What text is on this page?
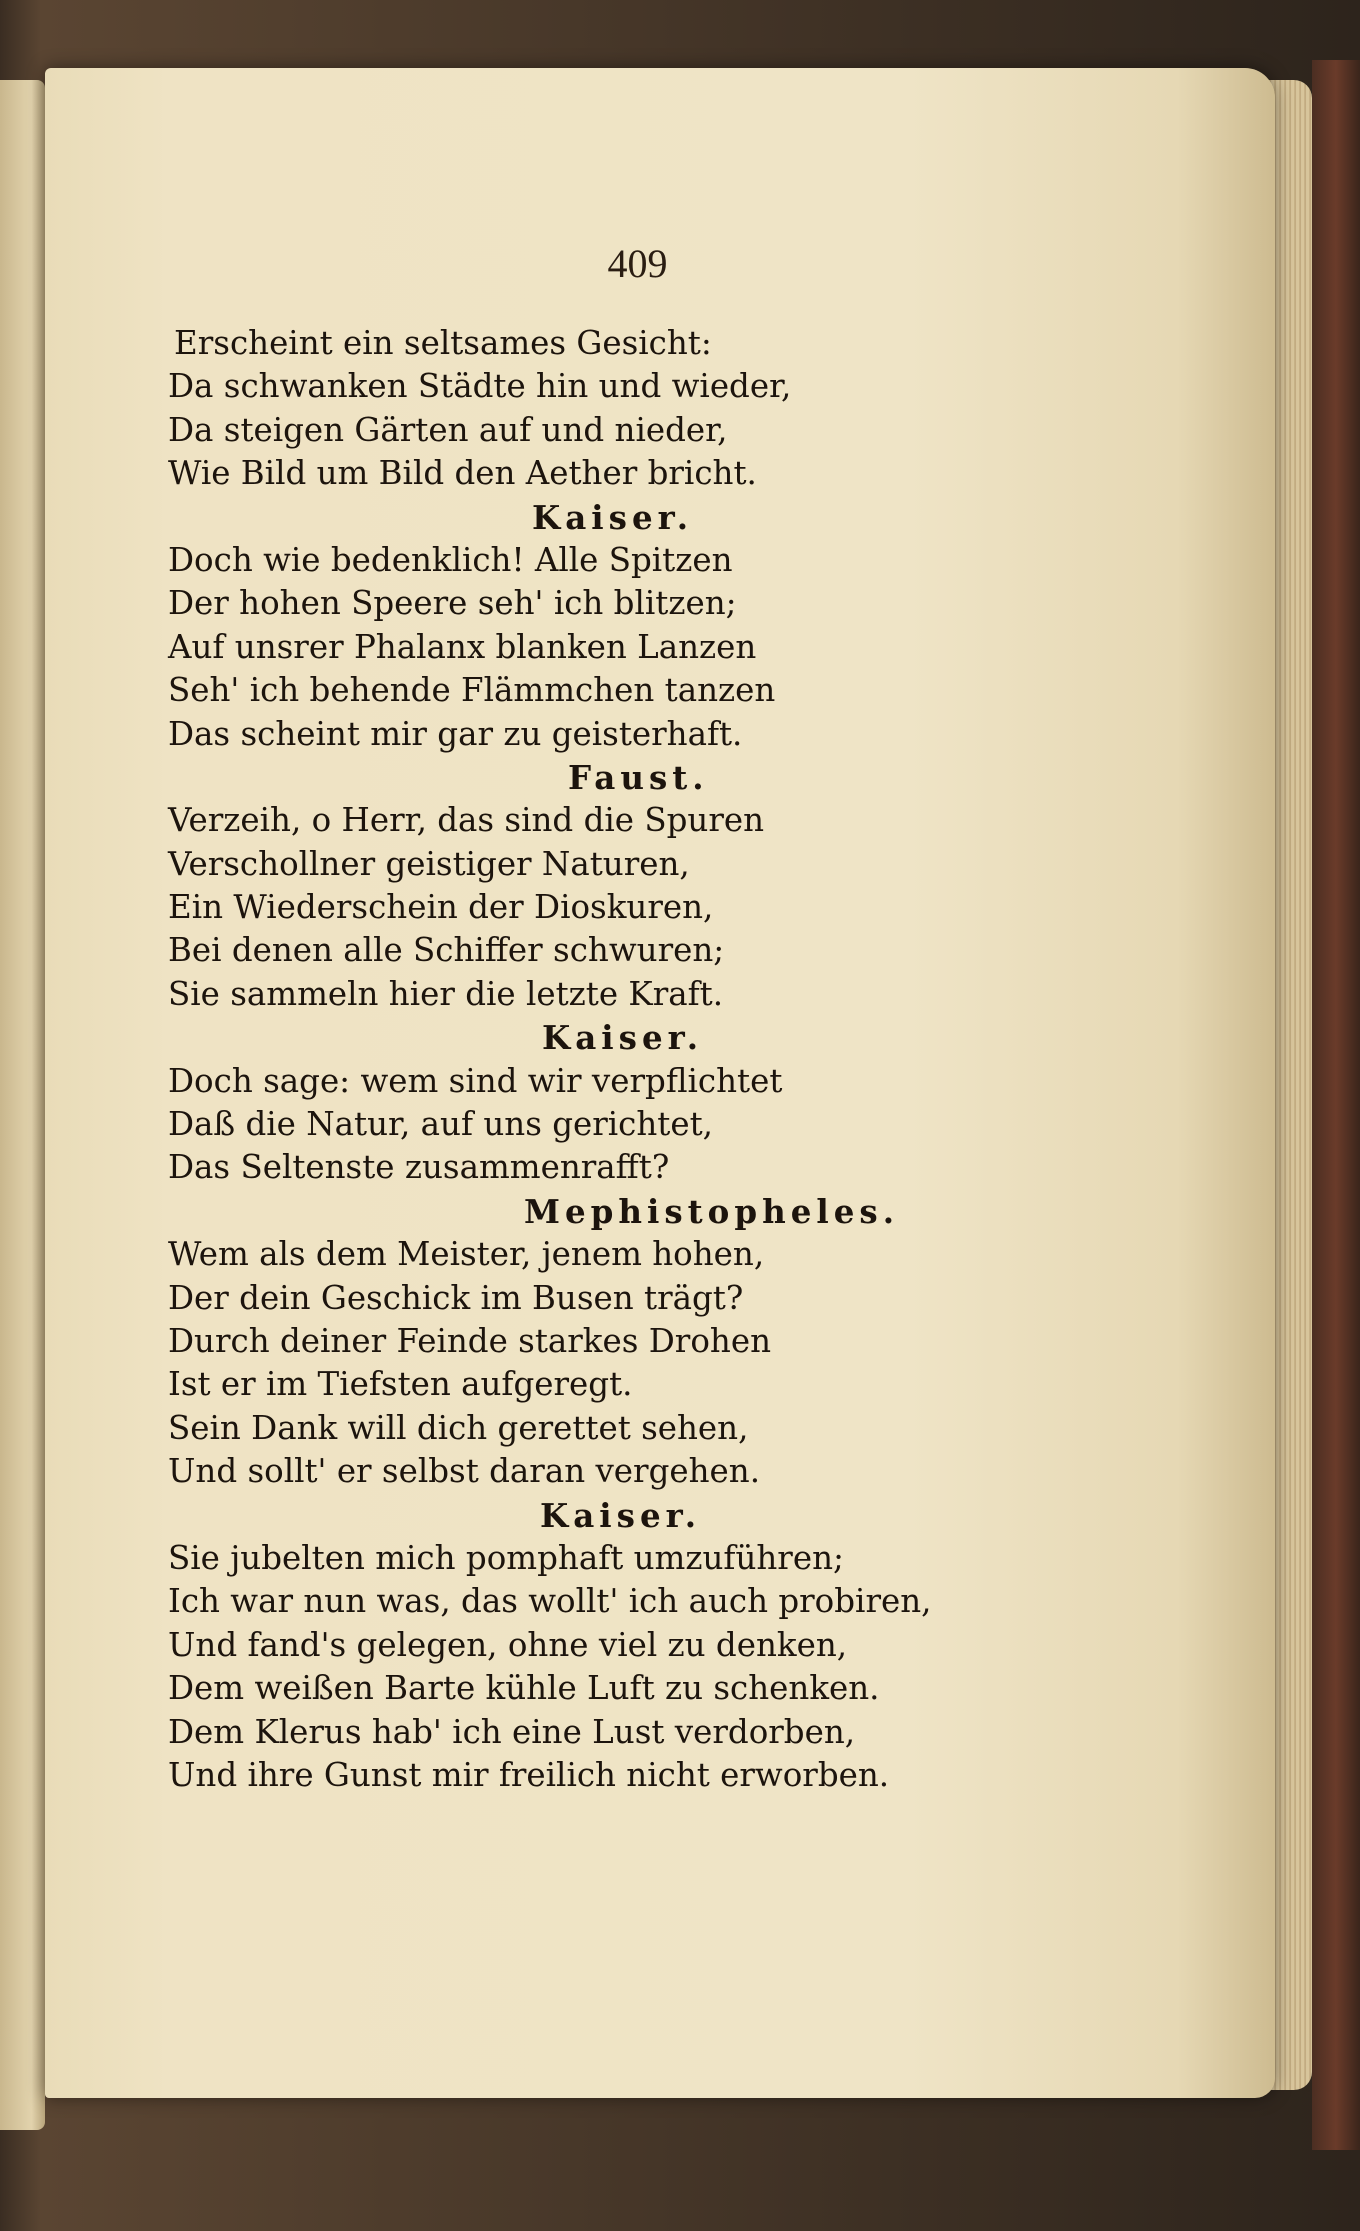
409
Erscheint ein seltsames Gesicht:
Da schwanken Städte hin und wieder,
Da steigen Gärten auf und nieder,
Wie Bild um Bild den Aether bricht.
Kaiser.
Doch wie bedenklich! Alle Spitzen
Der hohen Speere seh' ich blitzen;
Auf unsrer Phalanx blanken Lanzen
Seh' ich behende Flämmchen tanzen
Das scheint mir gar zu geisterhaft.
Faust.
Verzeih, o Herr, das sind die Spuren
Verschollner geistiger Naturen,
Ein Wiederschein der Dioskuren,
Bei denen alle Schiffer schwuren;
Sie sammeln hier die letzte Kraft.
Kaiser.
Doch sage: wem sind wir verpflichtet
Daß die Natur, auf uns gerichtet,
Das Seltenste zusammenrafft?
Mephistopheles.
Wem als dem Meister, jenem hohen,
Der dein Geschick im Busen trägt?
Durch deiner Feinde starkes Drohen
Ist er im Tiefsten aufgeregt.
Sein Dank will dich gerettet sehen,
Und sollt' er selbst daran vergehen.
Kaiser.
Sie jubelten mich pomphaft umzuführen;
Ich war nun was, das wollt' ich auch probiren,
Und fand's gelegen, ohne viel zu denken,
Dem weißen Barte kühle Luft zu schenken.
Dem Klerus hab' ich eine Lust verdorben,
Und ihre Gunst mir freilich nicht erworben.
